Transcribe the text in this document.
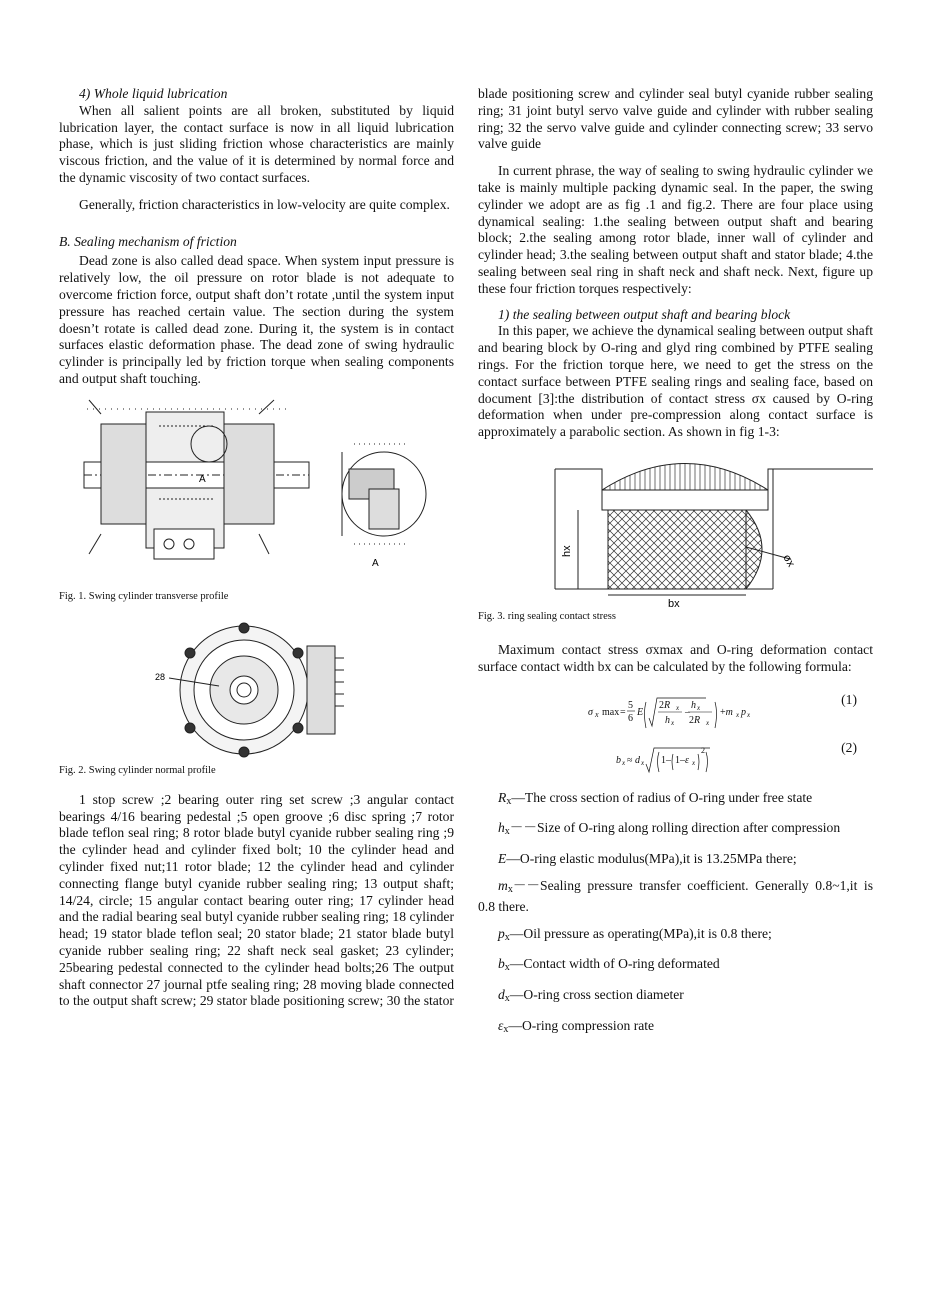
4) Whole liquid lubrication

When all salient points are all broken, substituted by liquid lubrication layer, the contact surface is now in all liquid lubrication phase, which is just sliding friction whose characteristics are mainly viscous friction, and the value of it is determined by normal force and the dynamic viscosity of two contact surfaces.

Generally, friction characteristics in low-velocity are quite complex.

B. Sealing mechanism of friction

Dead zone is also called dead space. When system input pressure is relatively low, the oil pressure on rotor blade is not adequate to overcome friction force, output shaft don’t rotate ,until the system input pressure has reached certain value. The section during the system doesn’t rotate is called dead zone. During it, the system is in contact surfaces elastic deformation phase. The dead zone of swing hydraulic cylinder is principally led by friction torque when sealing components and output shaft touching.

A
A
Fig. 1. Swing cylinder transverse profile
28
Fig. 2. Swing cylinder normal profile

1 stop screw ;2 bearing outer ring set screw ;3 angular contact bearings 4/16 bearing pedestal ;5 open groove ;6 disc spring ;7 rotor blade teflon seal ring; 8 rotor blade butyl cyanide rubber sealing ring ;9 the cylinder head and cylinder fixed bolt; 10 the cylinder head and cylinder fixed nut;11 rotor blade; 12 the cylinder head and cylinder connecting flange butyl cyanide rubber sealing ring; 13 output shaft; 14/24, circle; 15 angular contact bearing outer ring; 17 cylinder head and the radial bearing seal butyl cyanide rubber sealing ring; 18 cylinder head; 19 stator blade teflon seal; 20 stator blade; 21 stator blade butyl cyanide rubber sealing ring; 22 shaft neck seal gasket; 23 cylinder; 25bearing pedestal connected to the cylinder head bolts;26 The output shaft connector 27 journal ptfe sealing ring; 28 moving blade connected to the output shaft screw; 29 stator blade positioning screw; 30 the stator

blade positioning screw and cylinder seal butyl cyanide rubber sealing ring; 31 joint butyl servo valve guide and cylinder with rubber sealing ring; 32 the servo valve guide and cylinder connecting screw; 33 servo valve guide

In current phrase, the way of sealing to swing hydraulic cylinder we take is mainly multiple packing dynamic seal. In the paper, the swing cylinder we adopt are as fig .1 and fig.2. There are four place using dynamical sealing: 1.the sealing between output shaft and bearing block; 2.the sealing among rotor blade, inner wall of cylinder and cylinder head; 3.the sealing between output shaft and stator blade; 4.the sealing between seal ring in shaft neck and shaft neck. Next, figure up these four friction torques respectively:

1) the sealing between output shaft and bearing block

In this paper, we achieve the dynamical sealing between output shaft and bearing block by O-ring and glyd ring combined by PTFE sealing rings. For the friction torque here, we need to get the stress on the contact surface between PTFE sealing rings and sealing face, based on document [3]:the distribution of contact stress σx caused by O-ring deformation when under pre-compression along contact surface is approximately a parabolic section. As shown in fig 1-3:

hx
bx
σx
Fig. 3. ring sealing contact stress

Maximum contact stress σxmax and O-ring deformation contact surface contact width bx can be calculated by the following formula:

σ x max =
5
6
E
2R x
h x
–
h x
2R x
+m x p x
(1)
b x ≈ d x 1– 1–ε x
2	(2)

Rx—The cross section of radius of O-ring under free state

hx－－Size of O-ring along rolling direction after compression

E—O-ring elastic modulus(MPa),it is 13.25MPa there;

mx－－Sealing pressure transfer coefficient. Generally 0.8~1,it is 0.8 there.

px—Oil pressure as operating(MPa),it is 0.8 there;

bx—Contact width of O-ring deformated

dx—O-ring cross section diameter

εx—O-ring compression rate
